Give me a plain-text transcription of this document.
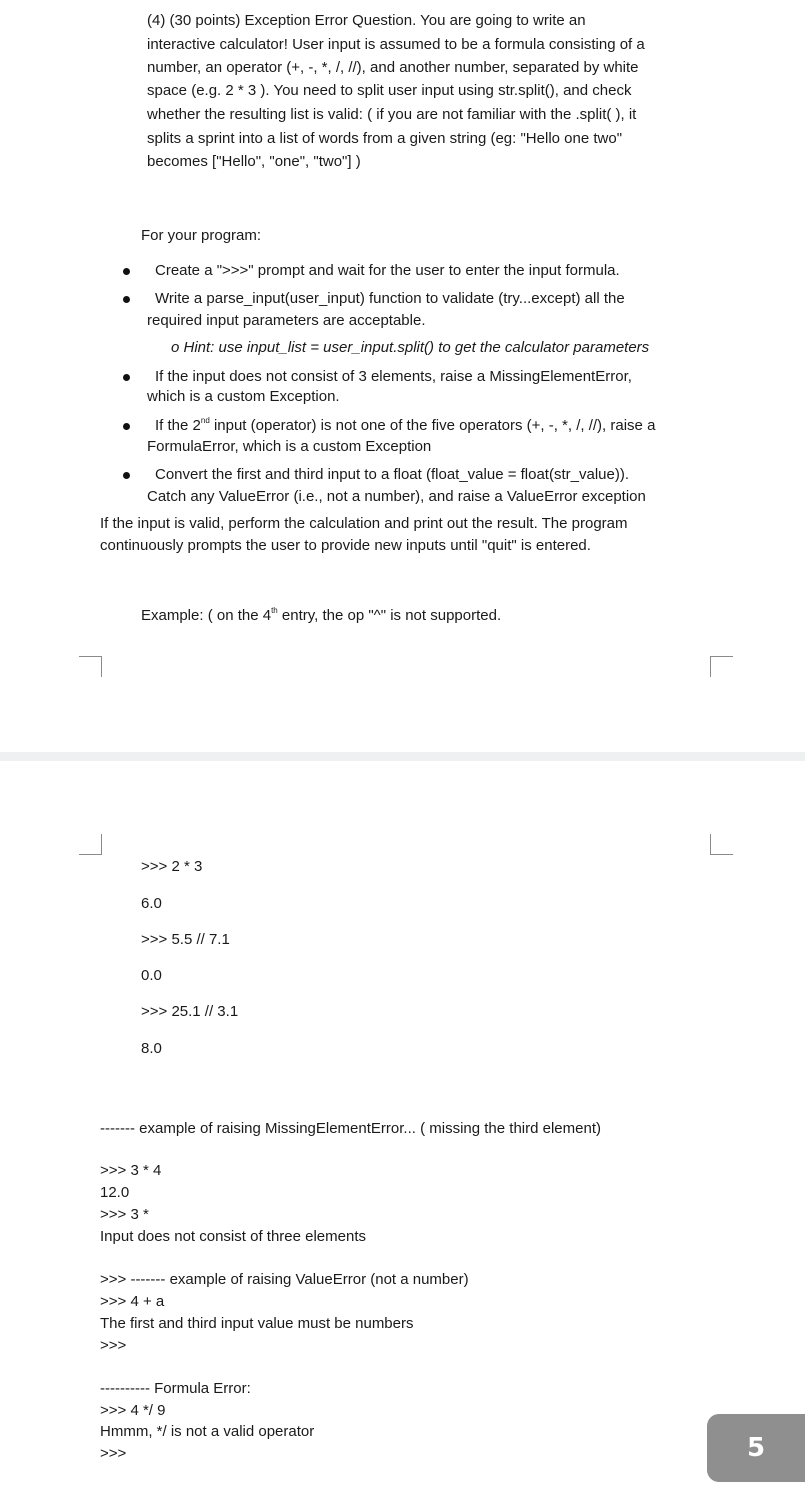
(4) (30 points) Exception Error Question. You are going to write an
interactive calculator! User input is assumed to be a formula consisting of a
number, an operator (+, -, *, /, //), and another number, separated by white
space (e.g. 2 * 3 ). You need to split user input using str.split(), and check
whether the resulting list is valid: ( if you are not familiar with the .split( ), it
splits a sprint into a list of words from a given string (eg: "Hello one two"
becomes ["Hello", "one", "two"] )
For your program:
Create a ">>>" prompt and wait for the user to enter the input formula.
Write a parse_input(user_input) function to validate (try...except) all the
required input parameters are acceptable.
o Hint: use input_list = user_input.split() to get the calculator parameters
If the input does not consist of 3 elements, raise a MissingElementError,
which is a custom Exception.
If the 2nd input (operator) is not one of the five operators (+, -, *, /, //), raise a
FormulaError, which is a custom Exception
Convert the first and third input to a float (float_value = float(str_value)).
Catch any ValueError (i.e., not a number), and raise a ValueError exception
If the input is valid, perform the calculation and print out the result. The program
continuously prompts the user to provide new inputs until "quit" is entered.
Example: ( on the 4th entry, the op "^" is not supported.
>>> 2 * 3
6.0
>>> 5.5 // 7.1
0.0
>>> 25.1 // 3.1
8.0
------- example of raising MissingElementError... ( missing the third element)
>>> 3 * 4
12.0
>>> 3 *
Input does not consist of three elements
>>> ------- example of raising ValueError (not a number)
>>> 4 + a
The first and third input value must be numbers
>>>
---------- Formula Error:
>>> 4 */ 9
Hmmm, */ is not a valid operator
>>>	5
